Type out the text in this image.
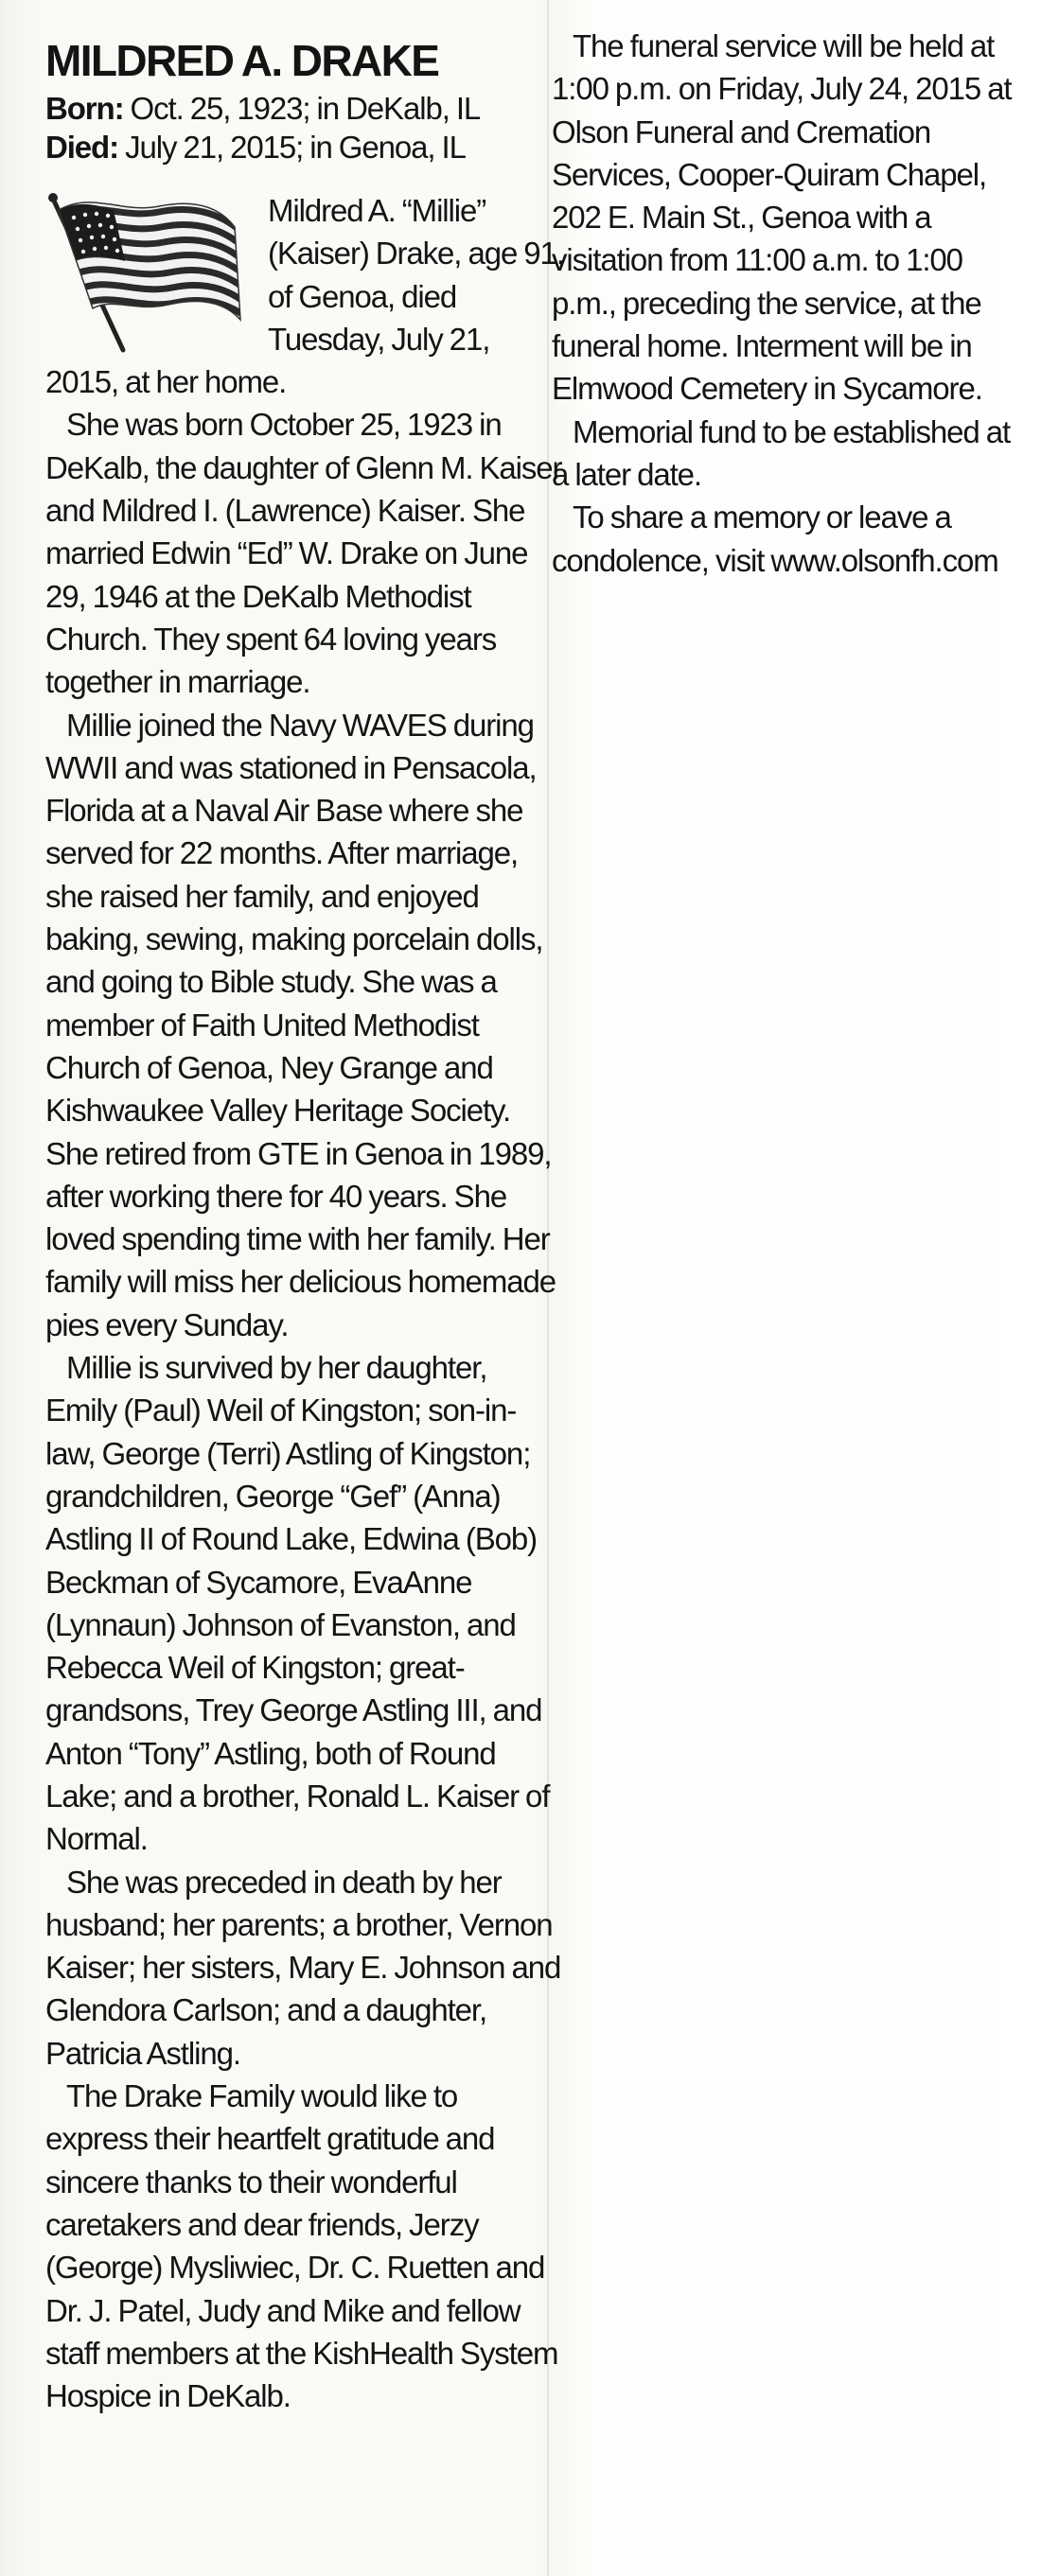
MILDRED A. DRAKE

Born: Oct. 25, 1923; in DeKalb, IL

Died: July 21, 2015; in Genoa, IL

Mildred A. “Millie” (Kaiser) Drake, age 91, of Genoa, died Tuesday, July 21, 2015, at her home.

She was born October 25, 1923 in DeKalb, the daughter of Glenn M. Kaiser and Mildred I. (Lawrence) Kaiser. She married Edwin “Ed” W. Drake on June 29, 1946 at the DeKalb Methodist Church. They spent 64 loving years together in marriage.

Millie joined the Navy WAVES during WWII and was stationed in Pensacola, Florida at a Naval Air Base where she served for 22 months. After marriage, she raised her family, and enjoyed baking, sewing, making porcelain dolls, and going to Bible study. She was a member of Faith United Methodist Church of Genoa, Ney Grange and Kishwaukee Valley Heritage Society. She retired from GTE in Genoa in 1989, after working there for 40 years. She loved spending time with her family. Her family will miss her delicious homemade pies every Sunday.

Millie is survived by her daughter, Emily (Paul) Weil of Kingston; son-in-law, George (Terri) Astling of Kingston; grandchildren, George “Gef” (Anna) Astling II of Round Lake, Edwina (Bob) Beckman of Sycamore, EvaAnne (Lynnaun) Johnson of Evanston, and Rebecca Weil of Kingston; great-grandsons, Trey George Astling III, and Anton “Tony” Astling, both of Round Lake; and a brother, Ronald L. Kaiser of Normal.

She was preceded in death by her husband; her parents; a brother, Vernon Kaiser; her sisters, Mary E. Johnson and Glendora Carlson; and a daughter, Patricia Astling.

The Drake Family would like to express their heartfelt gratitude and sincere thanks to their wonderful caretakers and dear friends, Jerzy (George) Mysliwiec, Dr. C. Ruetten and Dr. J. Patel, Judy and Mike and fellow staff members at the KishHealth System Hospice in DeKalb.

The funeral service will be held at 1:00 p.m. on Friday, July 24, 2015 at Olson Funeral and Cremation Services, Cooper-Quiram Chapel, 202 E. Main St., Genoa with a visitation from 11:00 a.m. to 1:00 p.m., preceding the service, at the funeral home. Interment will be in Elmwood Cemetery in Sycamore.

Memorial fund to be established at a later date.

To share a memory or leave a condolence, visit www.olsonfh.com
